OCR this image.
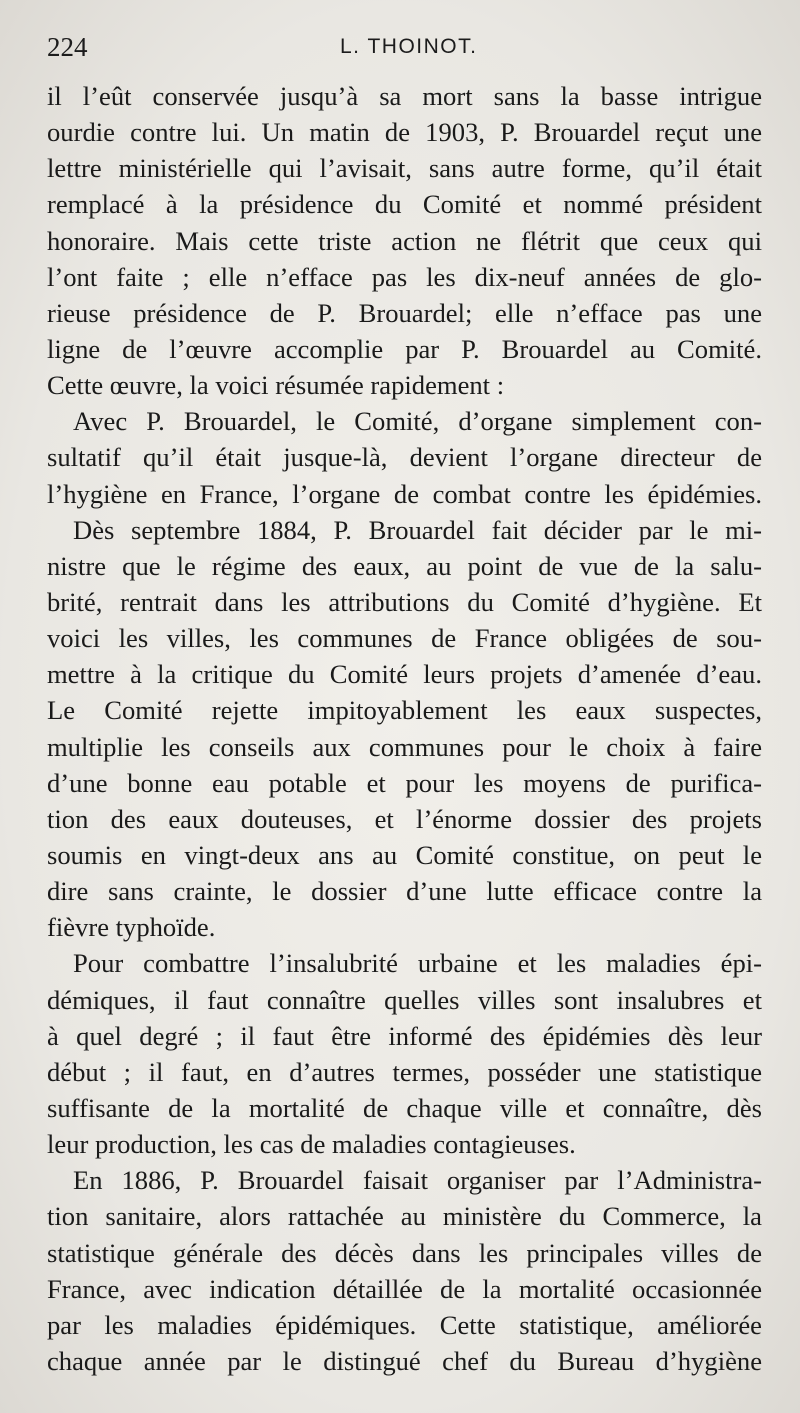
224	L. THOINOT.
il l’eût conservée jusqu’à sa mort sans la basse intrigue
ourdie contre lui. Un matin de 1903, P. Brouardel reçut une
lettre ministérielle qui l’avisait, sans autre forme, qu’il était
remplacé à la présidence du Comité et nommé président
honoraire. Mais cette triste action ne flétrit que ceux qui
l’ont faite ; elle n’efface pas les dix-neuf années de glo-
rieuse présidence de P. Brouardel; elle n’efface pas une
ligne de l’œuvre accomplie par P. Brouardel au Comité.
Cette œuvre, la voici résumée rapidement :
Avec P. Brouardel, le Comité, d’organe simplement con-
sultatif qu’il était jusque-là, devient l’organe directeur de
l’hygiène en France, l’organe de combat contre les épidémies.
Dès septembre 1884, P. Brouardel fait décider par le mi-
nistre que le régime des eaux, au point de vue de la salu-
brité, rentrait dans les attributions du Comité d’hygiène. Et
voici les villes, les communes de France obligées de sou-
mettre à la critique du Comité leurs projets d’amenée d’eau.
Le Comité rejette impitoyablement les eaux suspectes,
multiplie les conseils aux communes pour le choix à faire
d’une bonne eau potable et pour les moyens de purifica-
tion des eaux douteuses, et l’énorme dossier des projets
soumis en vingt-deux ans au Comité constitue, on peut le
dire sans crainte, le dossier d’une lutte efficace contre la
fièvre typhoïde.
Pour combattre l’insalubrité urbaine et les maladies épi-
démiques, il faut connaître quelles villes sont insalubres et
à quel degré ; il faut être informé des épidémies dès leur
début ; il faut, en d’autres termes, posséder une statistique
suffisante de la mortalité de chaque ville et connaître, dès
leur production, les cas de maladies contagieuses.
En 1886, P. Brouardel faisait organiser par l’Administra-
tion sanitaire, alors rattachée au ministère du Commerce, la
statistique générale des décès dans les principales villes de
France, avec indication détaillée de la mortalité occasionnée
par les maladies épidémiques. Cette statistique, améliorée
chaque année par le distingué chef du Bureau d’hygiène
